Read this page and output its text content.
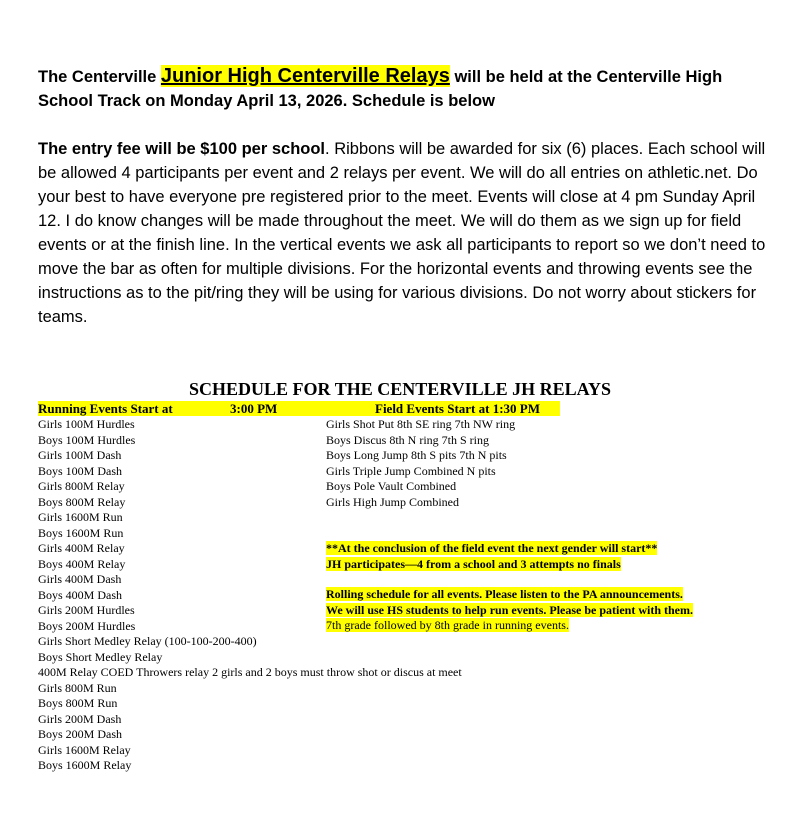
The Centerville Junior High Centerville Relays will be held at the Centerville High School Track on Monday April 13, 2026. Schedule is below

The entry fee will be $100 per school. Ribbons will be awarded for six (6) places. Each school will be allowed 4 participants per event and 2 relays per event. We will do all entries on athletic.net. Do your best to have everyone pre registered prior to the meet. Events will close at 4 pm Sunday April 12. I do know changes will be made throughout the meet. We will do them as we sign up for field events or at the finish line. In the vertical events we ask all participants to report so we don’t need to move the bar as often for multiple divisions. For the horizontal events and throwing events see the instructions as to the pit/ring they will be using for various divisions. Do not worry about stickers for teams.

SCHEDULE FOR THE CENTERVILLE JH RELAYS
Running Events Start at	3:00 PM	Field Events Start at 1:30 PM
Girls 100M Hurdles
Boys 100M Hurdles
Girls 100M Dash
Boys 100M Dash
Girls 800M Relay
Boys 800M Relay
Girls 1600M Run
Boys 1600M Run
Girls 400M Relay
Boys 400M Relay
Girls 400M Dash
Boys 400M Dash
Girls 200M Hurdles
Boys 200M Hurdles
Girls Short Medley Relay (100-100-200-400)
Boys Short Medley Relay
400M Relay COED Throwers relay 2 girls and 2 boys must throw shot or discus at meet
Girls 800M Run
Boys 800M Run
Girls 200M Dash
Boys 200M Dash
Girls 1600M Relay
Boys 1600M Relay
Girls Shot Put 8th SE ring 7th NW ring
Boys Discus 8th N ring 7th S ring
Boys Long Jump 8th S pits 7th N pits
Girls Triple Jump Combined N pits
Boys Pole Vault Combined
Girls High Jump Combined
**At the conclusion of the field event the next gender will start**
JH participates—4 from a school and 3 attempts no finals
Rolling schedule for all events. Please listen to the PA announcements.
We will use HS students to help run events. Please be patient with them.
7th grade followed by 8th grade in running events.
